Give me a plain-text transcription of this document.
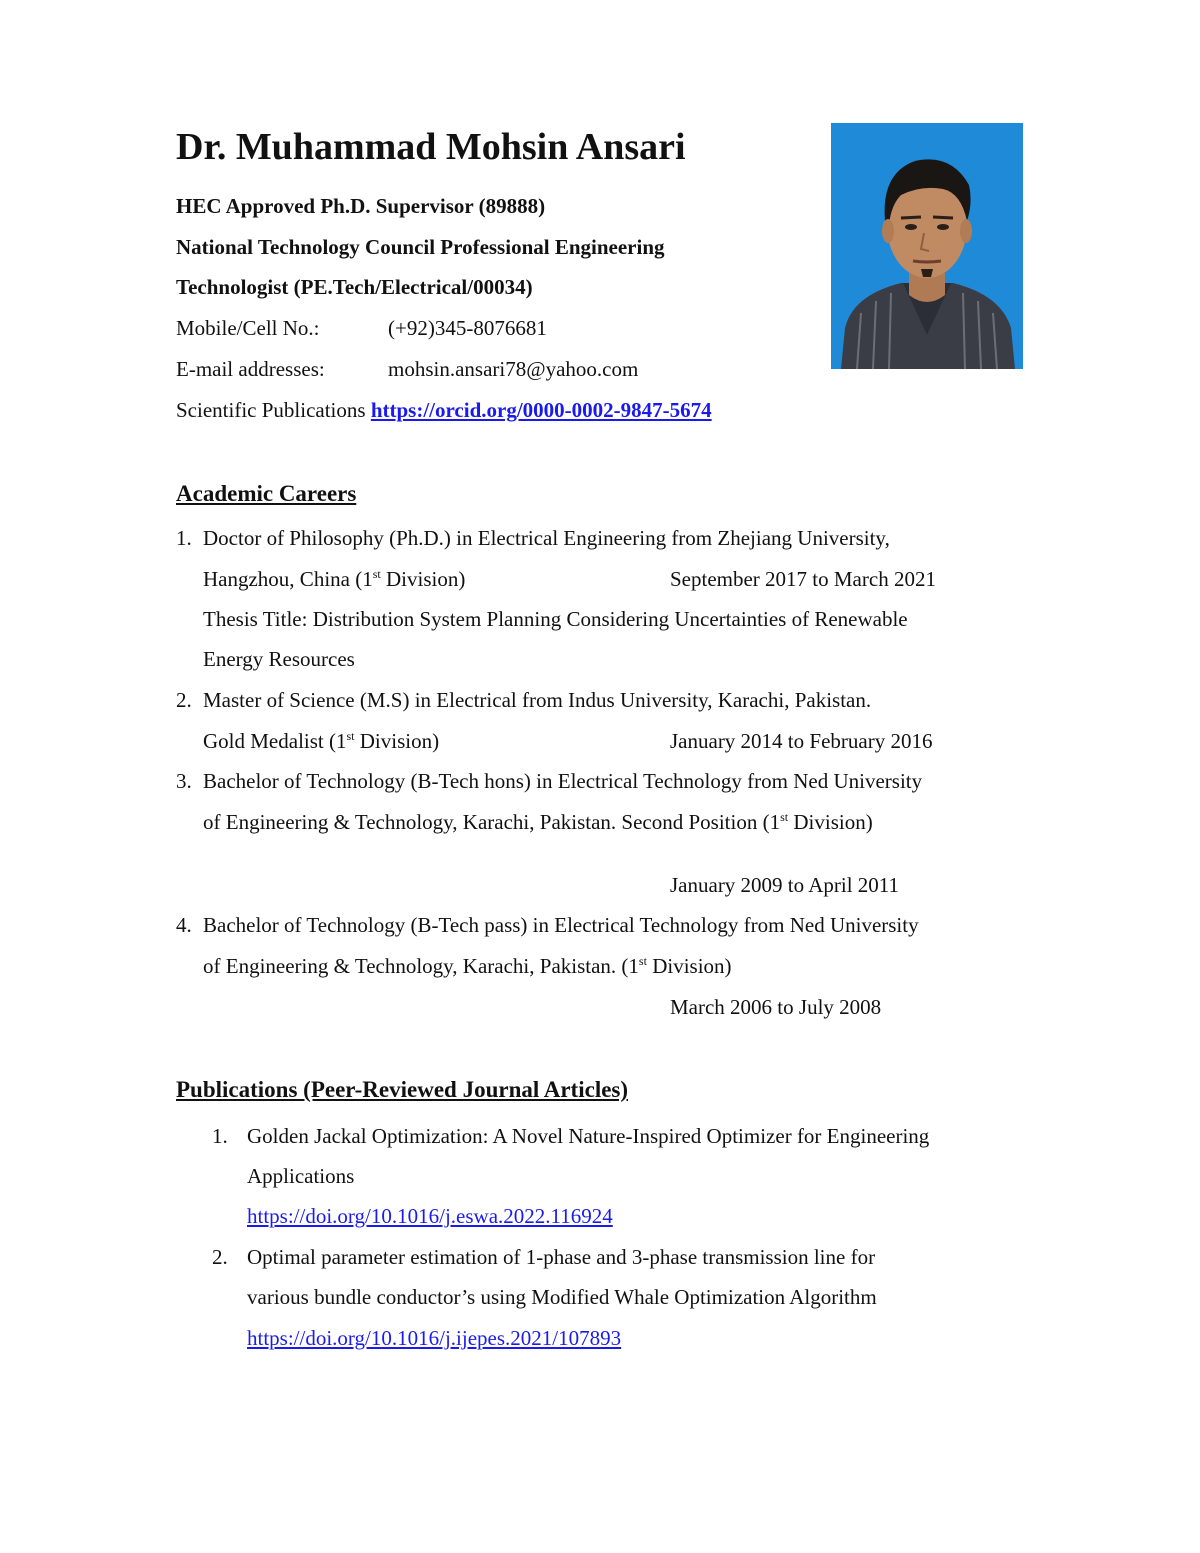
Dr. Muhammad Mohsin Ansari
HEC Approved Ph.D. Supervisor (89888)
National Technology Council Professional Engineering
Technologist (PE.Tech/Electrical/00034)
Mobile/Cell No.:	(+92)345-8076681
E-mail addresses:	mohsin.ansari78@yahoo.com
Scientific Publications https://orcid.org/0000-0002-9847-5674
Academic Careers
1. Doctor of Philosophy (Ph.D.) in Electrical Engineering from Zhejiang University,
Hangzhou, China (1st Division)	September 2017 to March 2021
Thesis Title: Distribution System Planning Considering Uncertainties of Renewable
Energy Resources
2. Master of Science (M.S) in Electrical from Indus University, Karachi, Pakistan.
Gold Medalist (1st Division)	January 2014 to February 2016
3. Bachelor of Technology (B-Tech hons) in Electrical Technology from Ned University
of Engineering & Technology, Karachi, Pakistan. Second Position (1st Division)
January 2009 to April 2011
4. Bachelor of Technology (B-Tech pass) in Electrical Technology from Ned University
of Engineering & Technology, Karachi, Pakistan. (1st Division)
March 2006 to July 2008
Publications (Peer-Reviewed Journal Articles)
1. Golden Jackal Optimization: A Novel Nature-Inspired Optimizer for Engineering
Applications
https://doi.org/10.1016/j.eswa.2022.116924
2. Optimal parameter estimation of 1-phase and 3-phase transmission line for
various bundle conductor’s using Modified Whale Optimization Algorithm
https://doi.org/10.1016/j.ijepes.2021/107893
